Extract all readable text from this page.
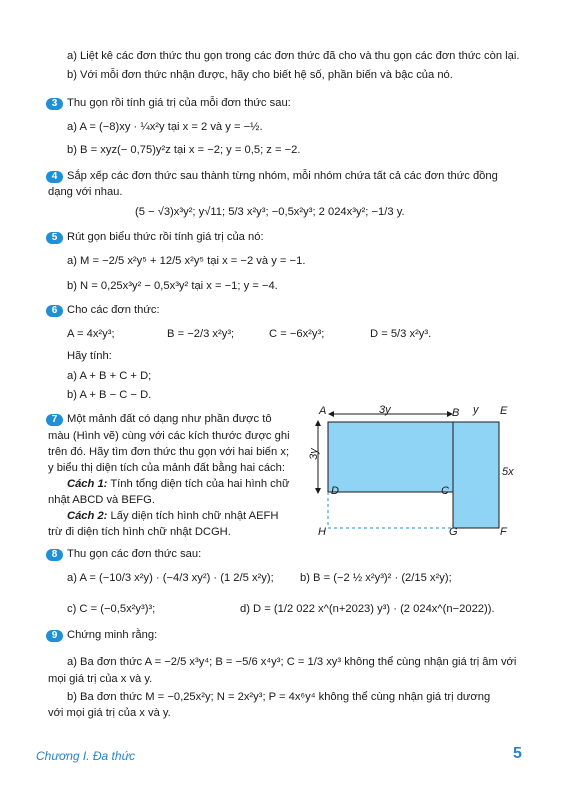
a) Liệt kê các đơn thức thu gọn trong các đơn thức đã cho và thu gọn các đơn thức còn lại.
b) Với mỗi đơn thức nhận được, hãy cho biết hệ số, phần biến và bậc của nó.
3 Thu gọn rồi tính giá trị của mỗi đơn thức sau:
a) A = (−8)xy · ¼x²y tại x = 2 và y = −½.
b) B = xyz(− 0,75)y²z tại x = −2; y = 0,5; z = −2.
4 Sắp xếp các đơn thức sau thành từng nhóm, mỗi nhóm chứa tất cả các đơn thức đồng
dạng với nhau.
(5 − √3)x³y²; y√11; 5/3 x²y³; −0,5x²y³; 2 024x³y²; −1/3 y.
5 Rút gọn biểu thức rồi tính giá trị của nó:
a) M = −2/5 x²y⁵ + 12/5 x²y⁵ tại x = −2 và y = −1.
b) N = 0,25x³y² − 0,5x³y² tại x = −1; y = −4.
6 Cho các đơn thức:
A = 4x²y³;	B = −2/3 x²y³;	C = −6x²y³;	D = 5/3 x²y³.
Hãy tính:
a) A + B + C + D;
b) A + B − C − D.
7 Một mảnh đất có dạng như phần được tô
màu (Hình vẽ) cùng với các kích thước được ghi
trên đó. Hãy tìm đơn thức thu gọn với hai biến x;
y biểu thị diện tích của mảnh đất bằng hai cách:
Cách 1: Tính tổng diện tích của hai hình chữ
nhật ABCD và BEFG.
Cách 2: Lấy diện tích hình chữ nhật AEFH
trừ đi diện tích hình chữ nhật DCGH.
A	B	E
D	C
H	G	F
3y	y
3y
5x
8 Thu gọn các đơn thức sau:
a) A = (−10/3 x²y) · (−4/3 xy²) · (1 2/5 x²y); b) B = (−2 ½ x²y³)² · (2/15 x²y);
c) C = (−0,5x²y³)³;	d) D = (1/2 022 x^(n+2023) y³) · (2 024x^(n−2022)).
9 Chứng minh rằng:
a) Ba đơn thức A = −2/5 x³y⁴; B = −5/6 x⁴y³; C = 1/3 xy³ không thể cùng nhận giá trị âm với
mọi giá trị của x và y.
b) Ba đơn thức M = −0,25x²y; N = 2x²y³; P = 4x⁶y⁴ không thể cùng nhận giá trị dương
với mọi giá trị của x và y.
Chương I. Đa thức	5
